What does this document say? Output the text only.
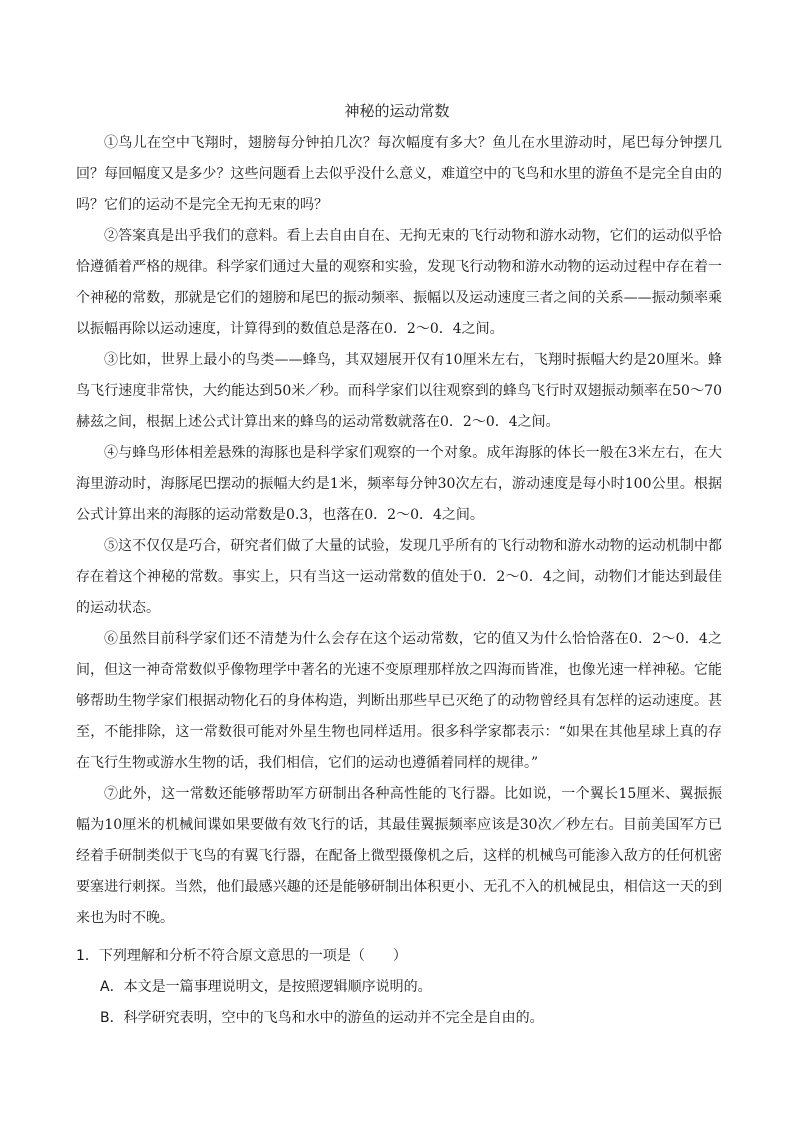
神秘的运动常数

①鸟儿在空中飞翔时，翅膀每分钟拍几次？每次幅度有多大？鱼儿在水里游动时，尾巴每分钟摆几回？每回幅度又是多少？这些问题看上去似乎没什么意义，难道空中的飞鸟和水里的游鱼不是完全自由的吗？它们的运动不是完全无拘无束的吗？

②答案真是出乎我们的意料。看上去自由自在、无拘无束的飞行动物和游水动物，它们的运动似乎恰恰遵循着严格的规律。科学家们通过大量的观察和实验，发现飞行动物和游水动物的运动过程中存在着一个神秘的常数，那就是它们的翅膀和尾巴的振动频率、振幅以及运动速度三者之间的关系——振动频率乘以振幅再除以运动速度，计算得到的数值总是落在0．2～0．4之间。

③比如，世界上最小的鸟类——蜂鸟，其双翅展开仅有10厘米左右，飞翔时振幅大约是20厘米。蜂鸟飞行速度非常快，大约能达到50米／秒。而科学家们以往观察到的蜂鸟飞行时双翅振动频率在50～70赫兹之间，根据上述公式计算出来的蜂鸟的运动常数就落在0．2～0．4之间。

④与蜂鸟形体相差悬殊的海豚也是科学家们观察的一个对象。成年海豚的体长一般在3米左右，在大海里游动时，海豚尾巴摆动的振幅大约是1米，频率每分钟30次左右，游动速度是每小时100公里。根据公式计算出来的海豚的运动常数是0.3，也落在0．2～0．4之间。

⑤这不仅仅是巧合，研究者们做了大量的试验，发现几乎所有的飞行动物和游水动物的运动机制中都存在着这个神秘的常数。事实上，只有当这一运动常数的值处于0．2～0．4之间，动物们才能达到最佳的运动状态。

⑥虽然目前科学家们还不清楚为什么会存在这个运动常数，它的值又为什么恰恰落在0．2～0．4之间，但这一神奇常数似乎像物理学中著名的光速不变原理那样放之四海而皆准，也像光速一样神秘。它能够帮助生物学家们根据动物化石的身体构造，判断出那些早已灭绝了的动物曾经具有怎样的运动速度。甚至，不能排除，这一常数很可能对外星生物也同样适用。很多科学家都表示：“如果在其他星球上真的存在飞行生物或游水生物的话，我们相信，它们的运动也遵循着同样的规律。”

⑦此外，这一常数还能够帮助军方研制出各种高性能的飞行器。比如说，一个翼长15厘米、翼振振幅为10厘米的机械间谍如果要做有效飞行的话，其最佳翼振频率应该是30次／秒左右。目前美国军方已经着手研制类似于飞鸟的有翼飞行器，在配备上微型摄像机之后，这样的机械鸟可能渗入敌方的任何机密要塞进行刺探。当然，他们最感兴趣的还是能够研制出体积更小、无孔不入的机械昆虫，相信这一天的到来也为时不晚。

1．下列理解和分析不符合原文意思的一项是（　　）

A．本文是一篇事理说明文，是按照逻辑顺序说明的。

B．科学研究表明，空中的飞鸟和水中的游鱼的运动并不完全是自由的。
